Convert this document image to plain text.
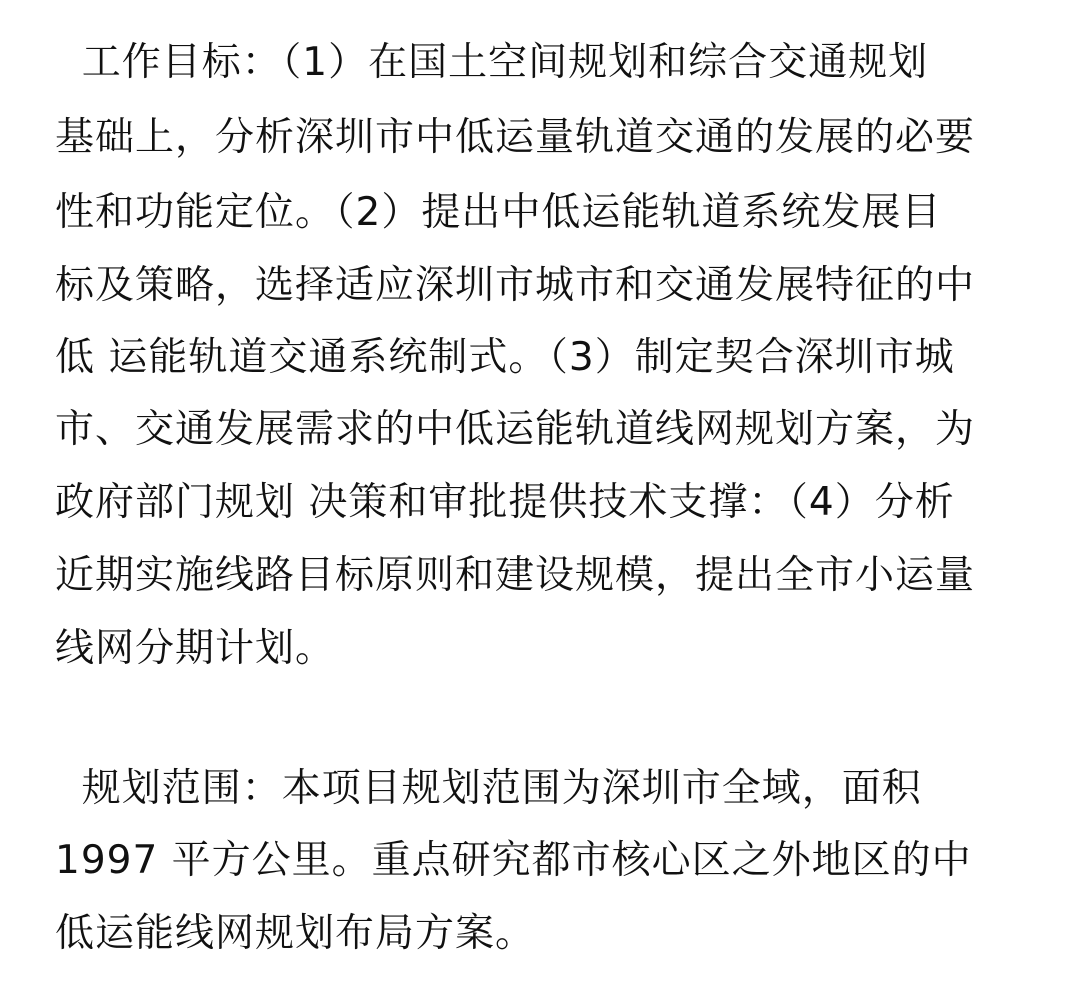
工作目标：（1）在国土空间规划和综合交通规划
基础上，分析深圳市中低运量轨道交通的发展的必要
性和功能定位。（2）提出中低运能轨道系统发展目
标及策略，选择适应深圳市城市和交通发展特征的中
低 运能轨道交通系统制式。（3）制定契合深圳市城
市、交通发展需求的中低运能轨道线网规划方案，为
政府部门规划 决策和审批提供技术支撑：（4）分析
近期实施线路目标原则和建设规模，提出全市小运量
线网分期计划。
规划范围：本项目规划范围为深圳市全域，面积
1997 平方公里。重点研究都市核心区之外地区的中
低运能线网规划布局方案。
